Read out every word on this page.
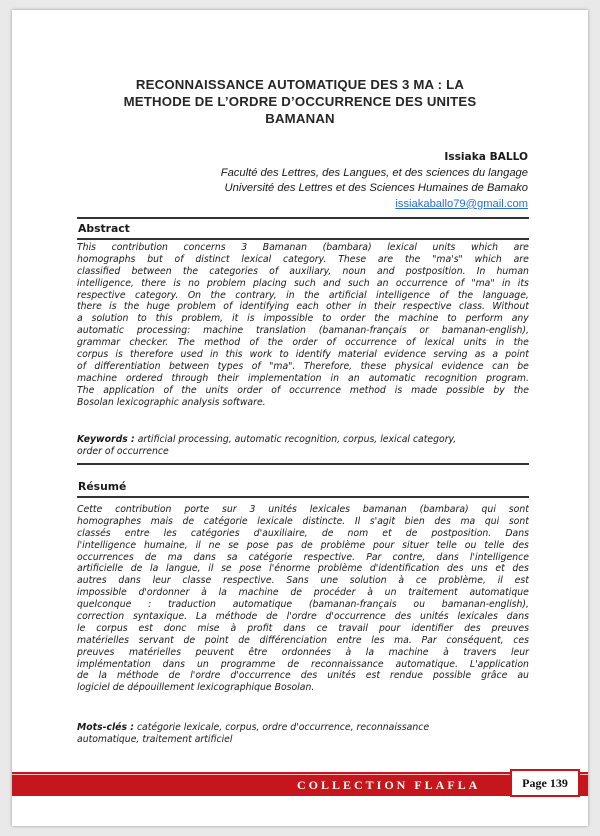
RECONNAISSANCE AUTOMATIQUE DES 3 MA : LA
METHODE DE L’ORDRE D’OCCURRENCE DES UNITES
BAMANAN
Issiaka BALLO
Faculté des Lettres, des Langues, et des sciences du langage
Université des Lettres et des Sciences Humaines de Bamako
issiakaballo79@gmail.com
Abstract
This contribution concerns 3 Bamanan (bambara) lexical units which are
homographs but of distinct lexical category. These are the "ma's" which are
classified between the categories of auxiliary, noun and postposition. In human
intelligence, there is no problem placing such and such an occurrence of "ma" in its
respective category. On the contrary, in the artificial intelligence of the language,
there is the huge problem of identifying each other in their respective class. Without
a solution to this problem, it is impossible to order the machine to perform any
automatic processing: machine translation (bamanan-français or bamanan-english),
grammar checker. The method of the order of occurrence of lexical units in the
corpus is therefore used in this work to identify material evidence serving as a point
of differentiation between types of "ma". Therefore, these physical evidence can be
machine ordered through their implementation in an automatic recognition program.
The application of the units order of occurrence method is made possible by the
Bosolan lexicographic analysis software.
Keywords : artificial processing, automatic recognition, corpus, lexical category,
order of occurrence
Résumé
Cette contribution porte sur 3 unités lexicales bamanan (bambara) qui sont
homographes mais de catégorie lexicale distincte. Il s'agit bien des ma qui sont
classés entre les catégories d'auxiliaire, de nom et de postposition. Dans
l'intelligence humaine, il ne se pose pas de problème pour situer telle ou telle des
occurrences de ma dans sa catégorie respective. Par contre, dans l'intelligence
artificielle de la langue, il se pose l'énorme problème d'identification des uns et des
autres dans leur classe respective. Sans une solution à ce problème, il est
impossible d'ordonner à la machine de procéder à un traitement automatique
quelconque : traduction automatique (bamanan-français ou bamanan-english),
correction syntaxique. La méthode de l'ordre d'occurrence des unités lexicales dans
le corpus est donc mise à profit dans ce travail pour identifier des preuves
matérielles servant de point de différenciation entre les ma. Par conséquent, ces
preuves matérielles peuvent être ordonnées à la machine à travers leur
implémentation dans un programme de reconnaissance automatique. L'application
de la méthode de l'ordre d'occurrence des unités est rendue possible grâce au
logiciel de dépouillement lexicographique Bosolan.
Mots-clés : catégorie lexicale, corpus, ordre d'occurrence, reconnaissance
automatique, traitement artificiel
COLLECTION FLAFLA	Page 139
